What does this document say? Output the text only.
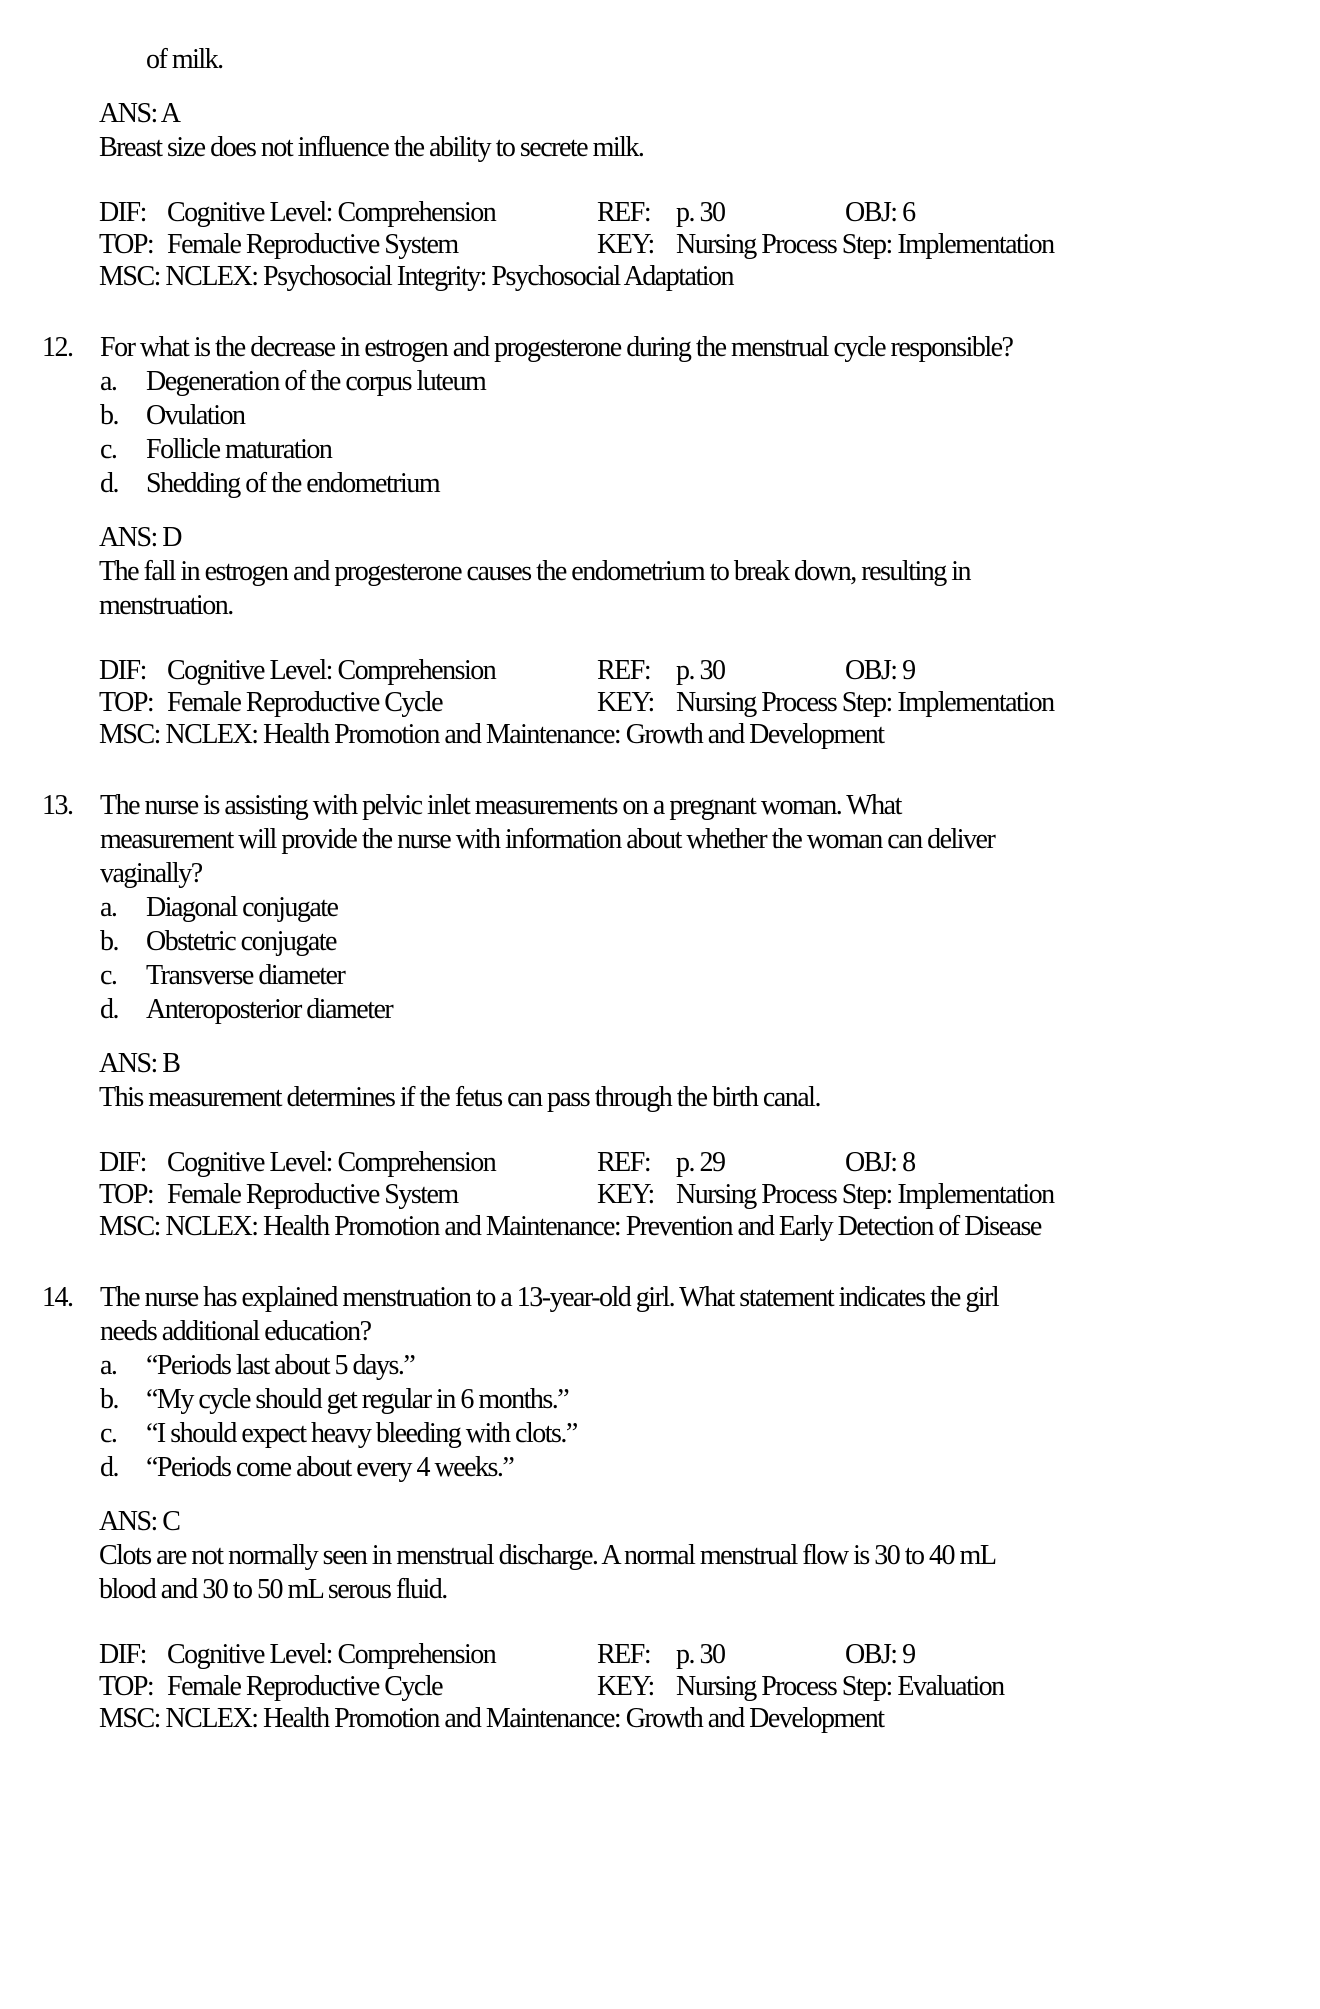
of milk.
ANS: A
Breast size does not influence the ability to secrete milk.
DIF: Cognitive Level: Comprehension	REF: p. 30	OBJ: 6
TOP: Female Reproductive System	KEY: Nursing Process Step: Implementation
MSC: NCLEX: Psychosocial Integrity: Psychosocial Adaptation
12. For what is the decrease in estrogen and progesterone during the menstrual cycle responsible?
a. Degeneration of the corpus luteum
b. Ovulation
c. Follicle maturation
d. Shedding of the endometrium
ANS: D
The fall in estrogen and progesterone causes the endometrium to break down, resulting in
menstruation.
DIF: Cognitive Level: Comprehension	REF: p. 30	OBJ: 9
TOP: Female Reproductive Cycle	KEY: Nursing Process Step: Implementation
MSC: NCLEX: Health Promotion and Maintenance: Growth and Development
13. The nurse is assisting with pelvic inlet measurements on a pregnant woman. What
measurement will provide the nurse with information about whether the woman can deliver
vaginally?
a. Diagonal conjugate
b. Obstetric conjugate
c. Transverse diameter
d. Anteroposterior diameter
ANS: B
This measurement determines if the fetus can pass through the birth canal.
DIF: Cognitive Level: Comprehension	REF: p. 29	OBJ: 8
TOP: Female Reproductive System	KEY: Nursing Process Step: Implementation
MSC: NCLEX: Health Promotion and Maintenance: Prevention and Early Detection of Disease
14. The nurse has explained menstruation to a 13-year-old girl. What statement indicates the girl
needs additional education?
a. “Periods last about 5 days.”
b. “My cycle should get regular in 6 months.”
c. “I should expect heavy bleeding with clots.”
d. “Periods come about every 4 weeks.”
ANS: C
Clots are not normally seen in menstrual discharge. A normal menstrual flow is 30 to 40 mL
blood and 30 to 50 mL serous fluid.
DIF: Cognitive Level: Comprehension	REF: p. 30	OBJ: 9
TOP: Female Reproductive Cycle	KEY: Nursing Process Step: Evaluation
MSC: NCLEX: Health Promotion and Maintenance: Growth and Development
